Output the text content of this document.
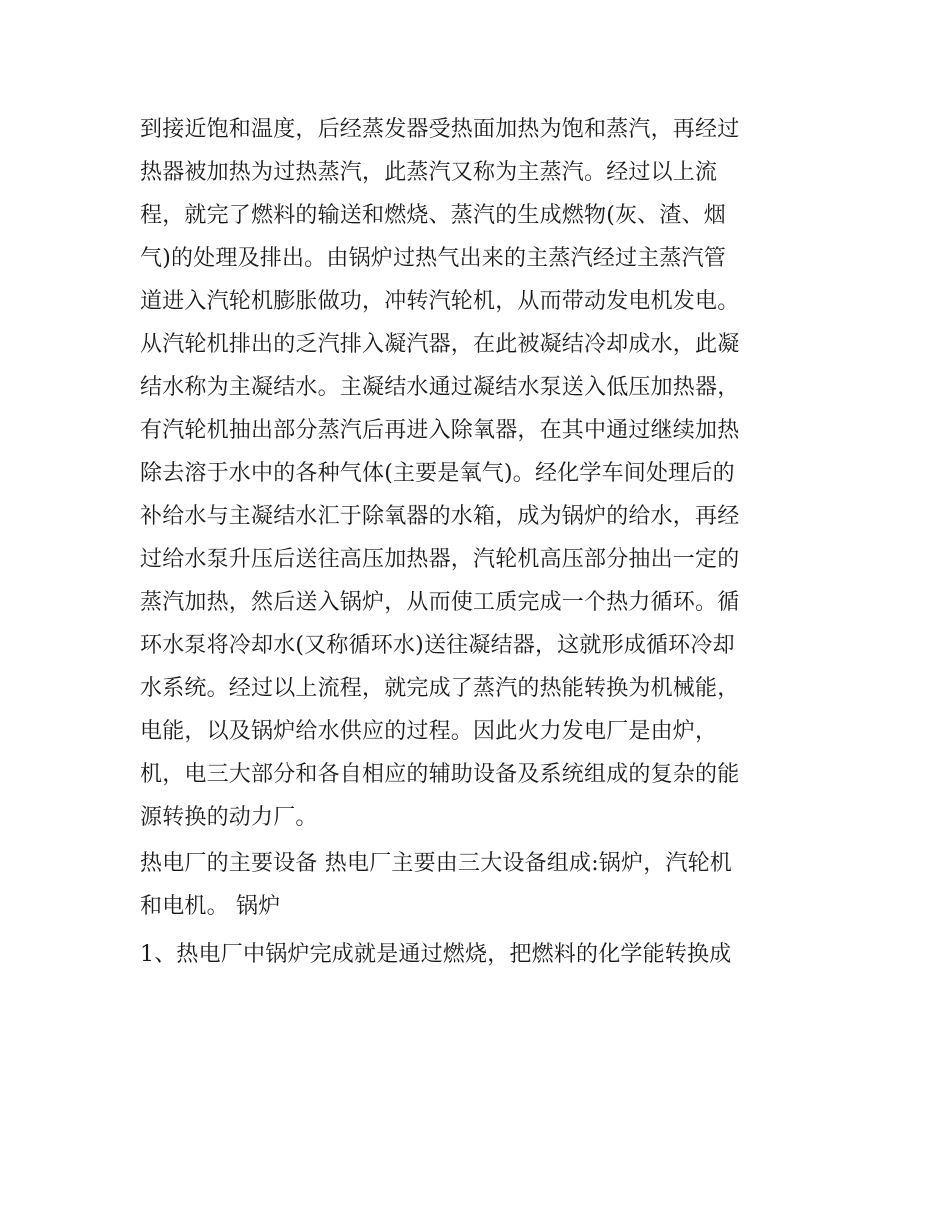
到接近饱和温度，后经蒸发器受热面加热为饱和蒸汽，再经过
热器被加热为过热蒸汽，此蒸汽又称为主蒸汽。经过以上流
程，就完了燃料的输送和燃烧、蒸汽的生成燃物(灰、渣、烟
气)的处理及排出。由锅炉过热气出来的主蒸汽经过主蒸汽管
道进入汽轮机膨胀做功，冲转汽轮机，从而带动发电机发电。
从汽轮机排出的乏汽排入凝汽器，在此被凝结冷却成水，此凝
结水称为主凝结水。主凝结水通过凝结水泵送入低压加热器，
有汽轮机抽出部分蒸汽后再进入除氧器，在其中通过继续加热
除去溶于水中的各种气体(主要是氧气)。经化学车间处理后的
补给水与主凝结水汇于除氧器的水箱，成为锅炉的给水，再经
过给水泵升压后送往高压加热器，汽轮机高压部分抽出一定的
蒸汽加热，然后送入锅炉，从而使工质完成一个热力循环。循
环水泵将冷却水(又称循环水)送往凝结器，这就形成循环冷却
水系统。经过以上流程，就完成了蒸汽的热能转换为机械能，
电能，以及锅炉给水供应的过程。因此火力发电厂是由炉，
机，电三大部分和各自相应的辅助设备及系统组成的复杂的能
源转换的动力厂。
热电厂的主要设备 热电厂主要由三大设备组成:锅炉，汽轮机
和电机。 锅炉
1、热电厂中锅炉完成就是通过燃烧，把燃料的化学能转换成
